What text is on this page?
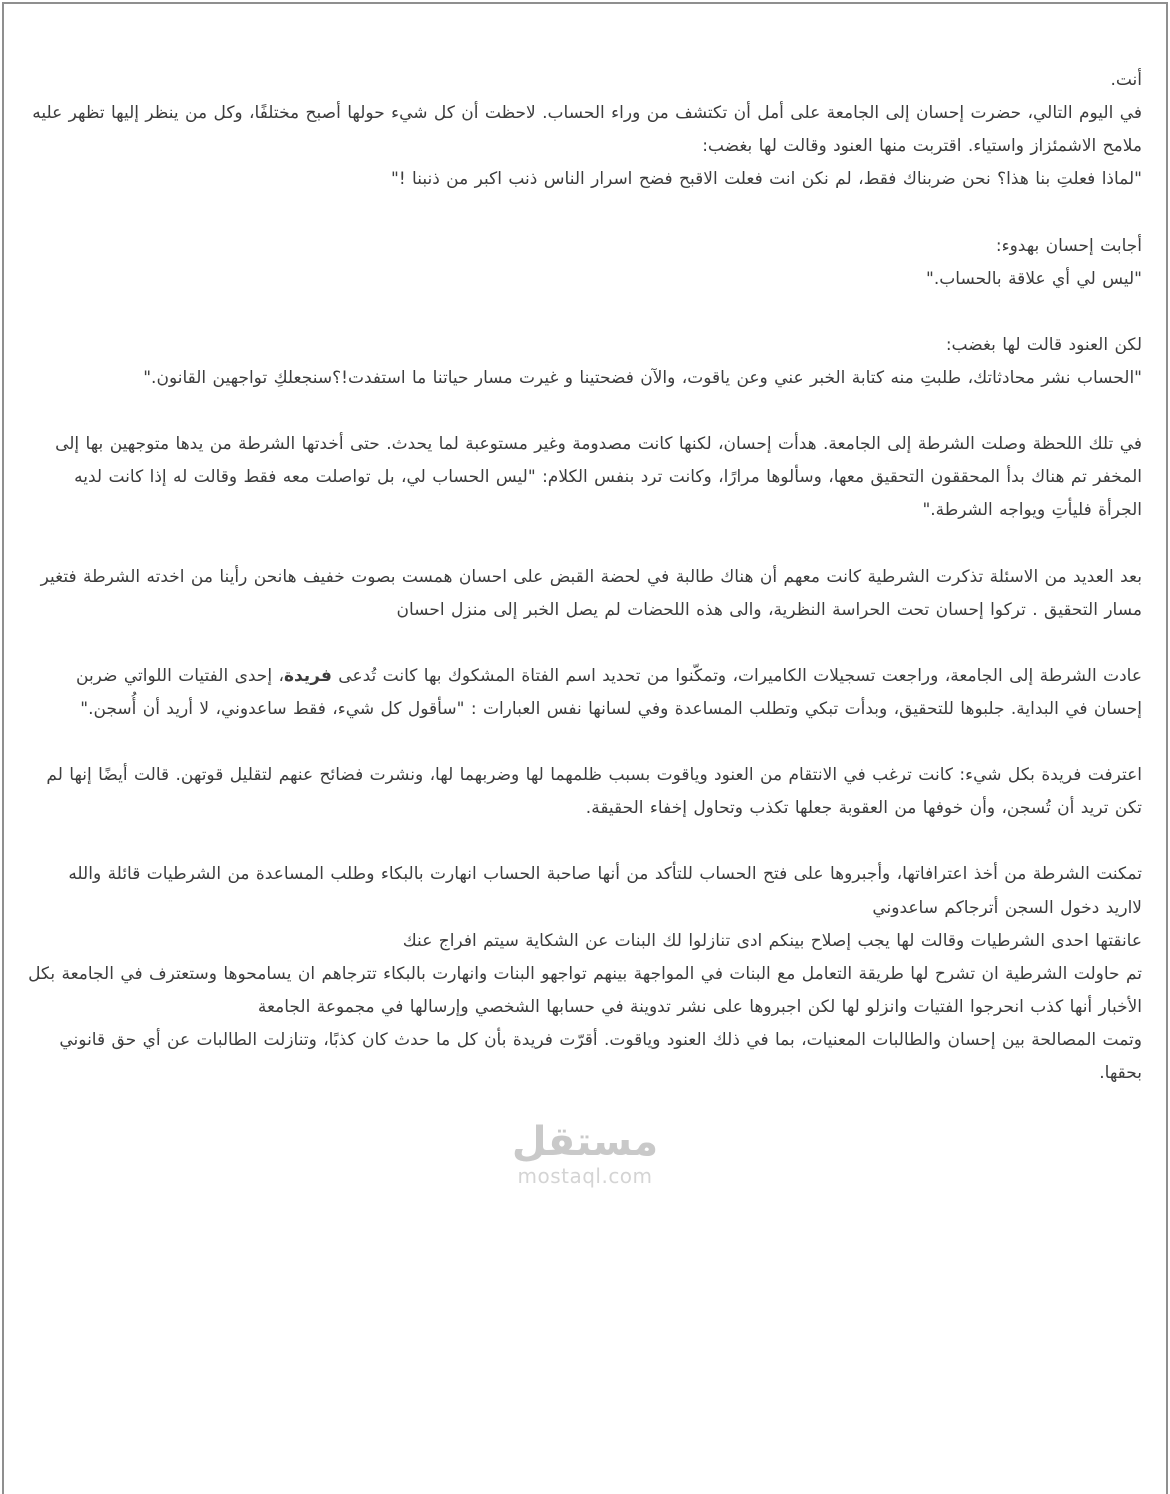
أنت.

في اليوم التالي، حضرت إحسان إلى الجامعة على أمل أن تكتشف من وراء الحساب. لاحظت أن كل شيء حولها أصبح مختلفًا، وكل من ينظر إليها تظهر عليه ملامح الاشمئزاز واستياء. اقتربت منها العنود وقالت لها بغضب:

"لماذا فعلتِ بنا هذا؟ نحن ضربناك فقط، لم نكن انت فعلت الاقبح فضح اسرار الناس ذنب اكبر من ذنبنا !"

أجابت إحسان بهدوء:

"ليس لي أي علاقة بالحساب."

لكن العنود قالت لها بغضب:

"الحساب نشر محادثاتك، طلبتِ منه كتابة الخبر عني وعن ياقوت، والآن فضحتينا و غيرت مسار حياتنا ما استفدت!؟سنجعلكِ تواجهين القانون."

في تلك اللحظة وصلت الشرطة إلى الجامعة. هدأت إحسان، لكنها كانت مصدومة وغير مستوعبة لما يحدث. حتى أخدتها الشرطة من يدها متوجهين بها إلى المخفر تم هناك بدأ المحققون التحقيق معها، وسألوها مرارًا، وكانت ترد بنفس الكلام: "ليس الحساب لي، بل تواصلت معه فقط وقالت له إذا كانت لديه الجرأة فليأتِ ويواجه الشرطة."

بعد العديد من الاسئلة تذكرت الشرطية كانت معهم أن هناك طالبة في لحضة القبض على احسان همست بصوت خفيف هانحن رأينا من اخدته الشرطة فتغير مسار التحقيق . تركوا إحسان تحت الحراسة النظرية، والى هذه اللحضات لم يصل الخبر إلى منزل احسان

عادت الشرطة إلى الجامعة، وراجعت تسجيلات الكاميرات، وتمكّنوا من تحديد اسم الفتاة المشكوك بها كانت تُدعى فريدة، إحدى الفتيات اللواتي ضربن إحسان في البداية. جلبوها للتحقيق، وبدأت تبكي وتطلب المساعدة وفي لسانها نفس العبارات : "سأقول كل شيء، فقط ساعدوني، لا أريد أن أُسجن."

اعترفت فريدة بكل شيء: كانت ترغب في الانتقام من العنود وياقوت بسبب ظلمهما لها وضربهما لها، ونشرت فضائح عنهم لتقليل قوتهن. قالت أيضًا إنها لم تكن تريد أن تُسجن، وأن خوفها من العقوبة جعلها تكذب وتحاول إخفاء الحقيقة.

تمكنت الشرطة من أخذ اعترافاتها، وأجبروها على فتح الحساب للتأكد من أنها صاحبة الحساب انهارت بالبكاء وطلب المساعدة من الشرطيات قائلة والله لااريد دخول السجن أترجاكم ساعدوني

عانقتها احدى الشرطيات وقالت لها يجب إصلاح بينكم ادى تنازلوا لك البنات عن الشكاية سيتم افراج عنك

تم حاولت الشرطية ان تشرح لها طريقة التعامل مع البنات في المواجهة بينهم تواجهو البنات وانهارت بالبكاء تترجاهم ان يسامحوها وستعترف في الجامعة بكل الأخبار أنها كذب انحرجوا الفتيات وانزلو لها لكن اجبروها على نشر تدوينة في حسابها الشخصي وإرسالها في مجموعة الجامعة

وتمت المصالحة بين إحسان والطالبات المعنيات، بما في ذلك العنود وياقوت. أقرّت فريدة بأن كل ما حدث كان كذبًا، وتنازلت الطالبات عن أي حق قانوني بحقها.

مستقل
mostaql.com
